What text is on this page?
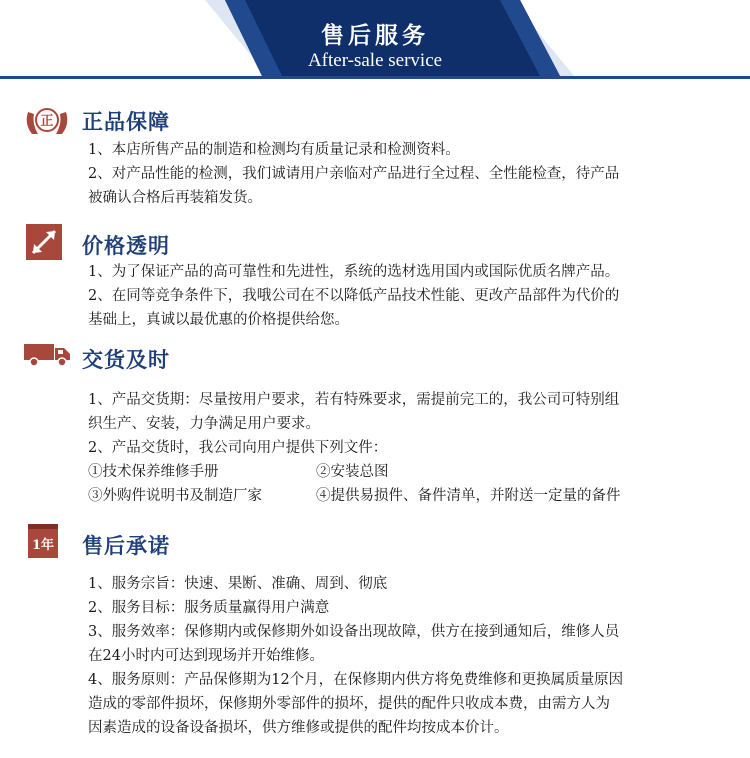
售后服务
After-sale service
正 正品保障
1、本店所售产品的制造和检测均有质量记录和检测资料。
2、对产品性能的检测，我们诚请用户亲临对产品进行全过程、全性能检查，待产品
被确认合格后再装箱发货。
价格透明
1、为了保证产品的高可靠性和先进性，系统的选材选用国内或国际优质名牌产品。
2、在同等竞争条件下，我哦公司在不以降低产品技术性能、更改产品部件为代价的
基础上，真诚以最优惠的价格提供给您。
交货及时
1、产品交货期：尽量按用户要求，若有特殊要求，需提前完工的，我公司可特别组
织生产、安装，力争满足用户要求。
2、产品交货时，我公司向用户提供下列文件：
①技术保养维修手册	②安装总图
③外购件说明书及制造厂家	④提供易损件、备件清单，并附送一定量的备件
1年 售后承诺
1、服务宗旨：快速、果断、准确、周到、彻底
2、服务目标：服务质量赢得用户满意
3、服务效率：保修期内或保修期外如设备出现故障，供方在接到通知后，维修人员
在24小时内可达到现场并开始维修。
4、服务原则：产品保修期为12个月，在保修期内供方将免费维修和更换属质量原因
造成的零部件损坏，保修期外零部件的损坏，提供的配件只收成本费，由需方人为
因素造成的设备设备损坏，供方维修或提供的配件均按成本价计。
